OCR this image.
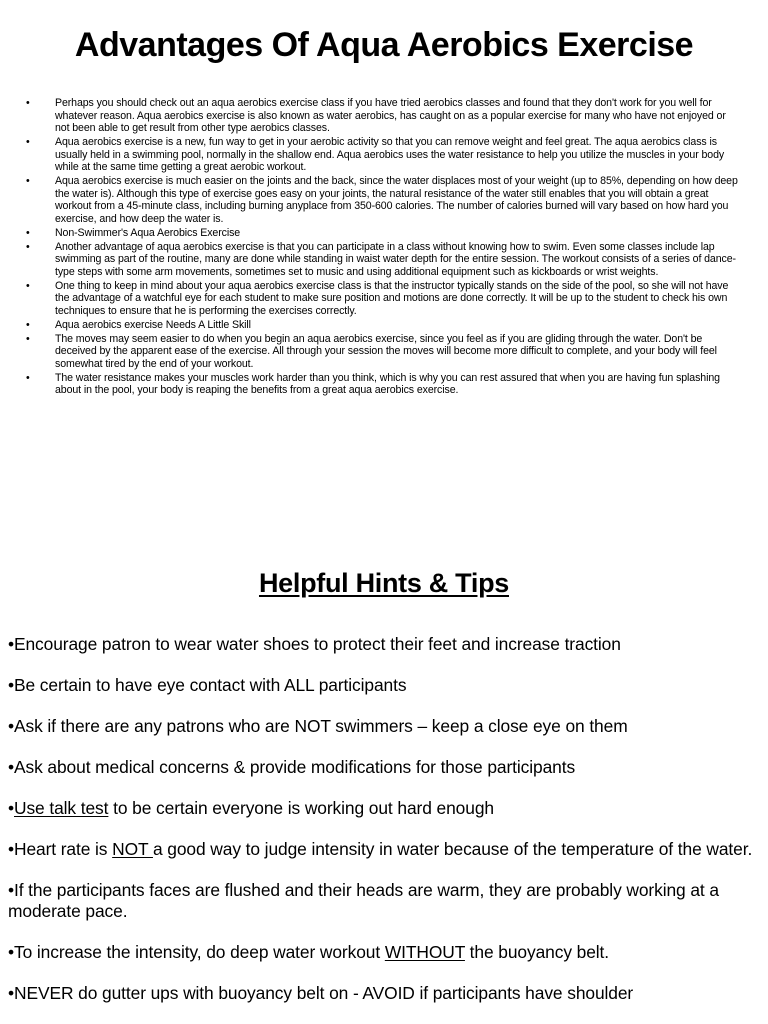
Advantages Of Aqua Aerobics Exercise
•	Perhaps you should check out an aqua aerobics exercise class if you have tried aerobics classes and found that they don't work for you well for whatever reason. Aqua aerobics exercise is also known as water aerobics, has caught on as a popular exercise for many who have not enjoyed or not been able to get result from other type aerobics classes.
•	Aqua aerobics exercise is a new, fun way to get in your aerobic activity so that you can remove weight and feel great. The aqua aerobics class is usually held in a swimming pool, normally in the shallow end. Aqua aerobics uses the water resistance to help you utilize the muscles in your body while at the same time getting a great aerobic workout.
•	Aqua aerobics exercise is much easier on the joints and the back, since the water displaces most of your weight (up to 85%, depending on how deep the water is). Although this type of exercise goes easy on your joints, the natural resistance of the water still enables that you will obtain a great workout from a 45-minute class, including burning anyplace from 350-600 calories. The number of calories burned will vary based on how hard you exercise, and how deep the water is.
•	Non-Swimmer's Aqua Aerobics Exercise
•	Another advantage of aqua aerobics exercise is that you can participate in a class without knowing how to swim. Even some classes include lap swimming as part of the routine, many are done while standing in waist water depth for the entire session. The workout consists of a series of dance-type steps with some arm movements, sometimes set to music and using additional equipment such as kickboards or wrist weights.
•	One thing to keep in mind about your aqua aerobics exercise class is that the instructor typically stands on the side of the pool, so she will not have the advantage of a watchful eye for each student to make sure position and motions are done correctly. It will be up to the student to check his own techniques to ensure that he is performing the exercises correctly.
•	Aqua aerobics exercise Needs A Little Skill
•	The moves may seem easier to do when you begin an aqua aerobics exercise, since you feel as if you are gliding through the water. Don't be deceived by the apparent ease of the exercise. All through your session the moves will become more difficult to complete, and your body will feel somewhat tired by the end of your workout.
•	The water resistance makes your muscles work harder than you think, which is why you can rest assured that when you are having fun splashing about in the pool, your body is reaping the benefits from a great aqua aerobics exercise.
Helpful Hints & Tips
•Encourage patron to wear water shoes to protect their feet and increase traction
•Be certain to have eye contact with ALL participants
•Ask if there are any patrons who are NOT swimmers – keep a close eye on them
•Ask about medical concerns & provide modifications for those participants
•Use talk test to be certain everyone is working out hard enough
•Heart rate is NOT a good way to judge intensity in water because of the temperature of the water.
•If the participants faces are flushed and their heads are warm, they are probably working at a moderate pace.
•To increase the intensity, do deep water workout WITHOUT the buoyancy belt.
•NEVER do gutter ups with buoyancy belt on - AVOID if participants have shoulder
